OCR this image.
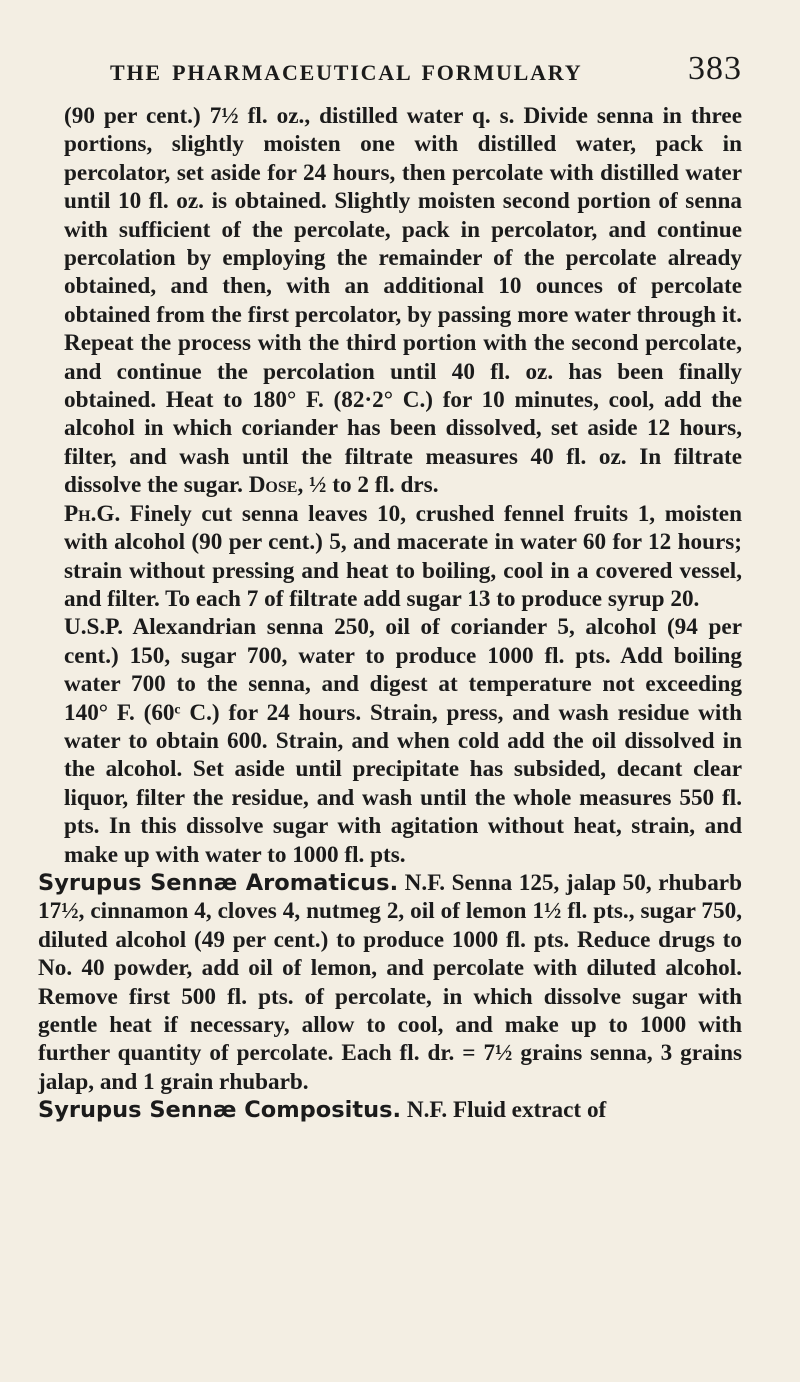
THE PHARMACEUTICAL FORMULARY	383

(90 per cent.) 7½ fl. oz., distilled water q. s. Divide senna in three portions, slightly moisten one with distilled water, pack in percolator, set aside for 24 hours, then percolate with distilled water until 10 fl. oz. is obtained. Slightly moisten second portion of senna with sufficient of the percolate, pack in percolator, and continue percolation by employing the remainder of the percolate already obtained, and then, with an additional 10 ounces of percolate obtained from the first percolator, by passing more water through it. Repeat the process with the third portion with the second percolate, and continue the percolation until 40 fl. oz. has been finally obtained. Heat to 180° F. (82·2° C.) for 10 minutes, cool, add the alcohol in which coriander has been dissolved, set aside 12 hours, filter, and wash until the filtrate measures 40 fl. oz. In filtrate dissolve the sugar. Dose, ½ to 2 fl. drs.

Ph.G. Finely cut senna leaves 10, crushed fennel fruits 1, moisten with alcohol (90 per cent.) 5, and macerate in water 60 for 12 hours; strain without pressing and heat to boiling, cool in a covered vessel, and filter. To each 7 of filtrate add sugar 13 to produce syrup 20.

U.S.P. Alexandrian senna 250, oil of coriander 5, alcohol (94 per cent.) 150, sugar 700, water to produce 1000 fl. pts. Add boiling water 700 to the senna, and digest at temperature not exceeding 140° F. (60ᶜ C.) for 24 hours. Strain, press, and wash residue with water to obtain 600. Strain, and when cold add the oil dissolved in the alcohol. Set aside until precipitate has subsided, decant clear liquor, filter the residue, and wash until the whole measures 550 fl. pts. In this dissolve sugar with agitation without heat, strain, and make up with water to 1000 fl. pts.

Syrupus Sennæ Aromaticus. N.F. Senna 125, jalap 50, rhubarb 17½, cinnamon 4, cloves 4, nutmeg 2, oil of lemon 1½ fl. pts., sugar 750, diluted alcohol (49 per cent.) to produce 1000 fl. pts. Reduce drugs to No. 40 powder, add oil of lemon, and percolate with diluted alcohol. Remove first 500 fl. pts. of percolate, in which dissolve sugar with gentle heat if necessary, allow to cool, and make up to 1000 with further quantity of percolate. Each fl. dr. = 7½ grains senna, 3 grains jalap, and 1 grain rhubarb.

Syrupus Sennæ Compositus. N.F. Fluid extract of
